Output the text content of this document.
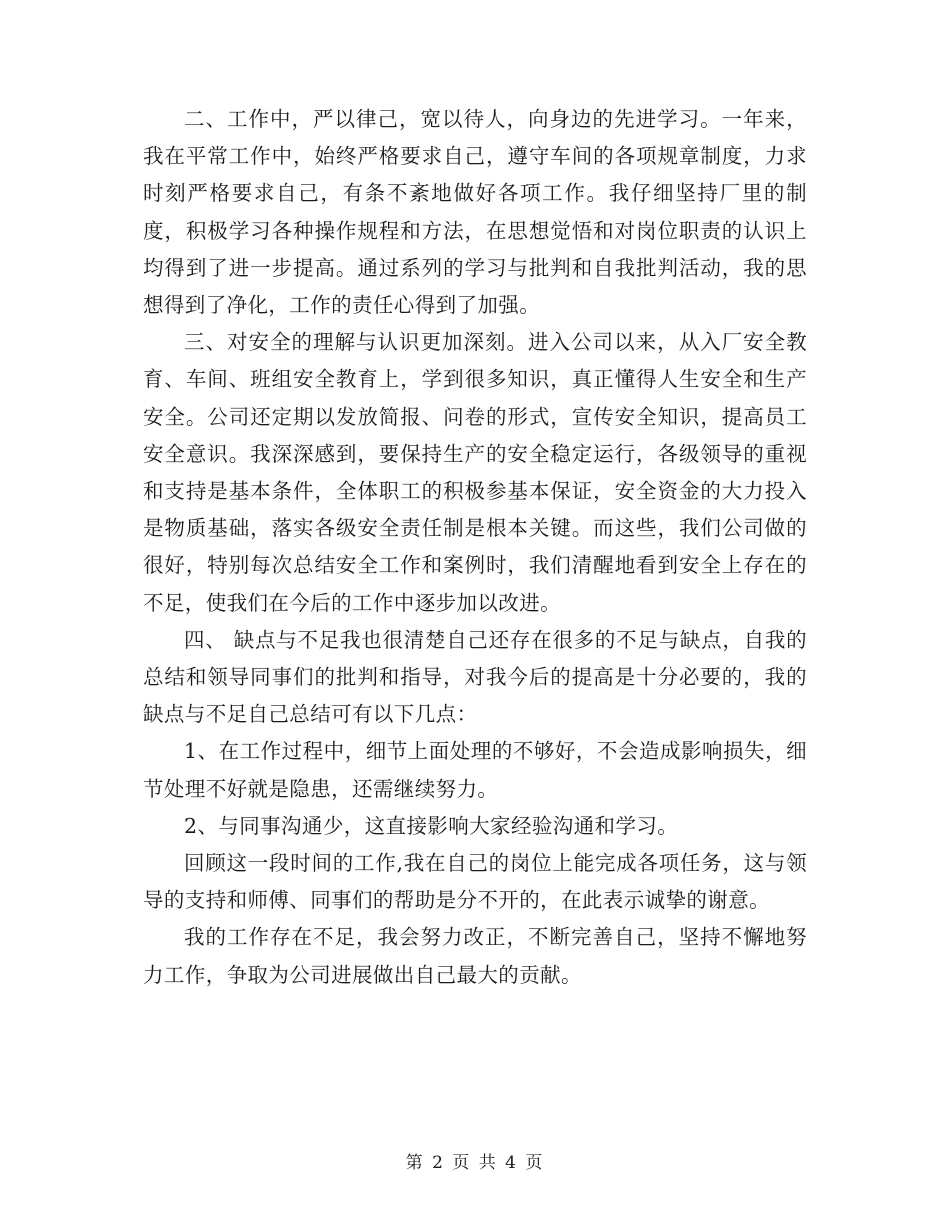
二、工作中，严以律己，宽以待人，向身边的先进学习。一年来，我在平常工作中，始终严格要求自己，遵守车间的各项规章制度，力求时刻严格要求自己，有条不紊地做好各项工作。我仔细坚持厂里的制度，积极学习各种操作规程和方法，在思想觉悟和对岗位职责的认识上均得到了进一步提高。通过系列的学习与批判和自我批判活动，我的思想得到了净化，工作的责任心得到了加强。

三、对安全的理解与认识更加深刻。进入公司以来，从入厂安全教育、车间、班组安全教育上，学到很多知识，真正懂得人生安全和生产安全。公司还定期以发放简报、问卷的形式，宣传安全知识，提高员工安全意识。我深深感到，要保持生产的安全稳定运行，各级领导的重视和支持是基本条件，全体职工的积极参基本保证，安全资金的大力投入是物质基础，落实各级安全责任制是根本关键。而这些，我们公司做的很好，特别每次总结安全工作和案例时，我们清醒地看到安全上存在的不足，使我们在今后的工作中逐步加以改进。

四、 缺点与不足我也很清楚自己还存在很多的不足与缺点，自我的总结和领导同事们的批判和指导，对我今后的提高是十分必要的，我的缺点与不足自己总结可有以下几点：

1、在工作过程中，细节上面处理的不够好，不会造成影响损失，细节处理不好就是隐患，还需继续努力。

2、与同事沟通少，这直接影响大家经验沟通和学习。

回顾这一段时间的工作,我在自己的岗位上能完成各项任务，这与领导的支持和师傅、同事们的帮助是分不开的，在此表示诚挚的谢意。

我的工作存在不足，我会努力改正，不断完善自己，坚持不懈地努力工作，争取为公司进展做出自己最大的贡献。

第 2 页 共 4 页
